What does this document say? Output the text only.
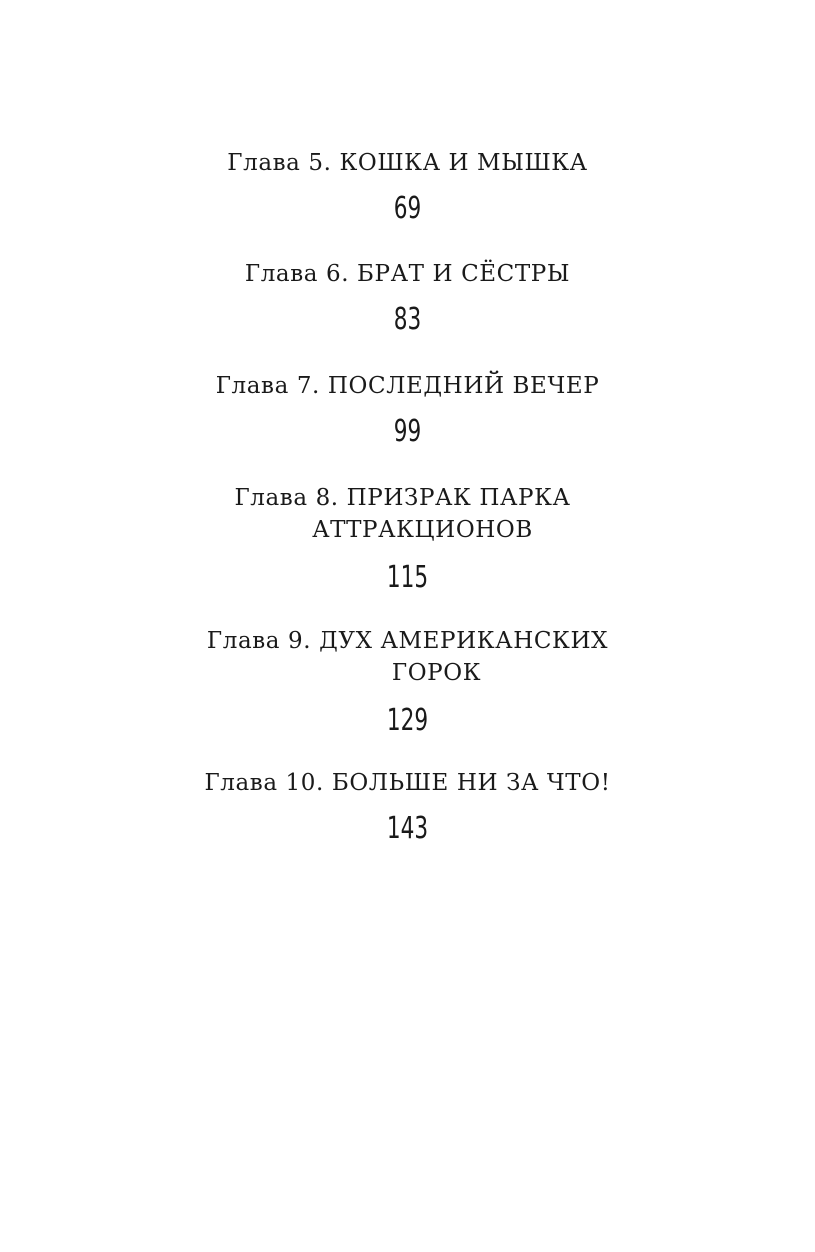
Глава 5. КОШКА И МЫШКА
69
Глава 6. БРАТ И СЁСТРЫ
83
Глава 7. ПОСЛЕДНИЙ ВЕЧЕР
99
Глава 8. ПРИЗРАК ПАРКА
АТТРАКЦИОНОВ
115
Глава 9. ДУХ АМЕРИКАНСКИХ
ГОРОК
129
Глава 10. БОЛЬШЕ НИ ЗА ЧТО!
143
